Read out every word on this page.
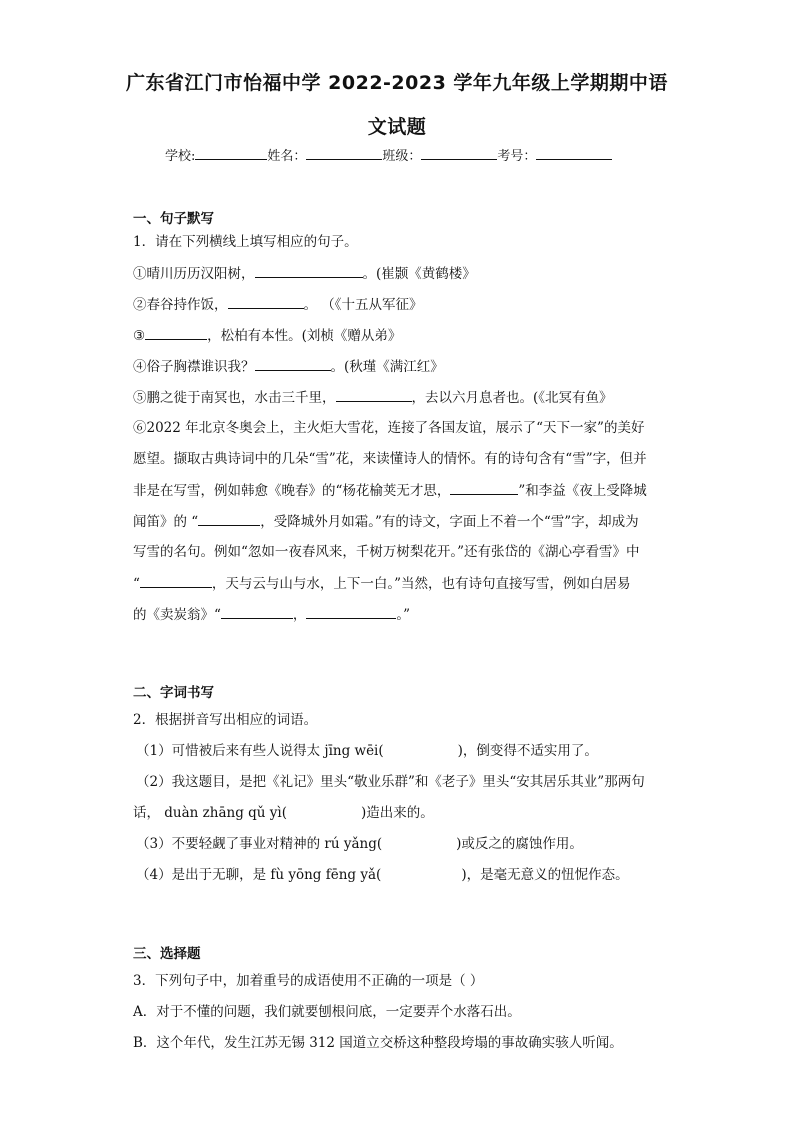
广东省江门市怡福中学 2022-2023 学年九年级上学期期中语
文试题
学校:	姓名：	班级：	考号：
一、句子默写
1．请在下列横线上填写相应的句子。
①晴川历历汉阳树，	。(崔颢《黄鹤楼》
②春谷持作饭，	。 （《十五从军征》
③	，松柏有本性。(刘桢《赠从弟》
④俗子胸襟谁识我？	。(秋瑾《满江红》
⑤鹏之徙于南冥也，水击三千里，	，去以六月息者也。(《北冥有鱼》
⑥2022 年北京冬奥会上，主火炬大雪花，连接了各国友谊，展示了“天下一家”的美好
愿望。撷取古典诗词中的几朵“雪”花，来读懂诗人的情怀。有的诗句含有“雪”字，但并
非是在写雪，例如韩愈《晚春》的“杨花榆荚无才思，	”和李益《夜上受降城
闻笛》的 “	，受降城外月如霜。”有的诗文，字面上不着一个“雪”字，却成为
写雪的名句。例如“忽如一夜春风来，千树万树梨花开。”还有张岱的《湖心亭看雪》中
“	，天与云与山与水，上下一白。”当然，也有诗句直接写雪，例如白居易
的《卖炭翁》“	，	。”
二、字词书写
2．根据拼音写出相应的词语。
（1）可惜被后来有些人说得太 jīng wēi(	)，倒变得不适实用了。
（2）我这题目，是把《礼记》里头“敬业乐群”和《老子》里头“安其居乐其业”那两句
话， duàn zhāng qǔ yì(	)造出来的。
（3）不要轻觑了事业对精神的 rú yǎng(	)或反之的腐蚀作用。
（4）是出于无聊，是 fù yōng fēng yǎ(	)，是毫无意义的忸怩作态。
三、选择题
3．下列句子中，加着重号的成语使用不正确的一项是（ ）
A．对于不懂的问题，我们就要刨根问底，一定要弄个水落石出。
B．这个年代，发生江苏无锡 312 国道立交桥这种整段垮塌的事故确实骇人听闻。
